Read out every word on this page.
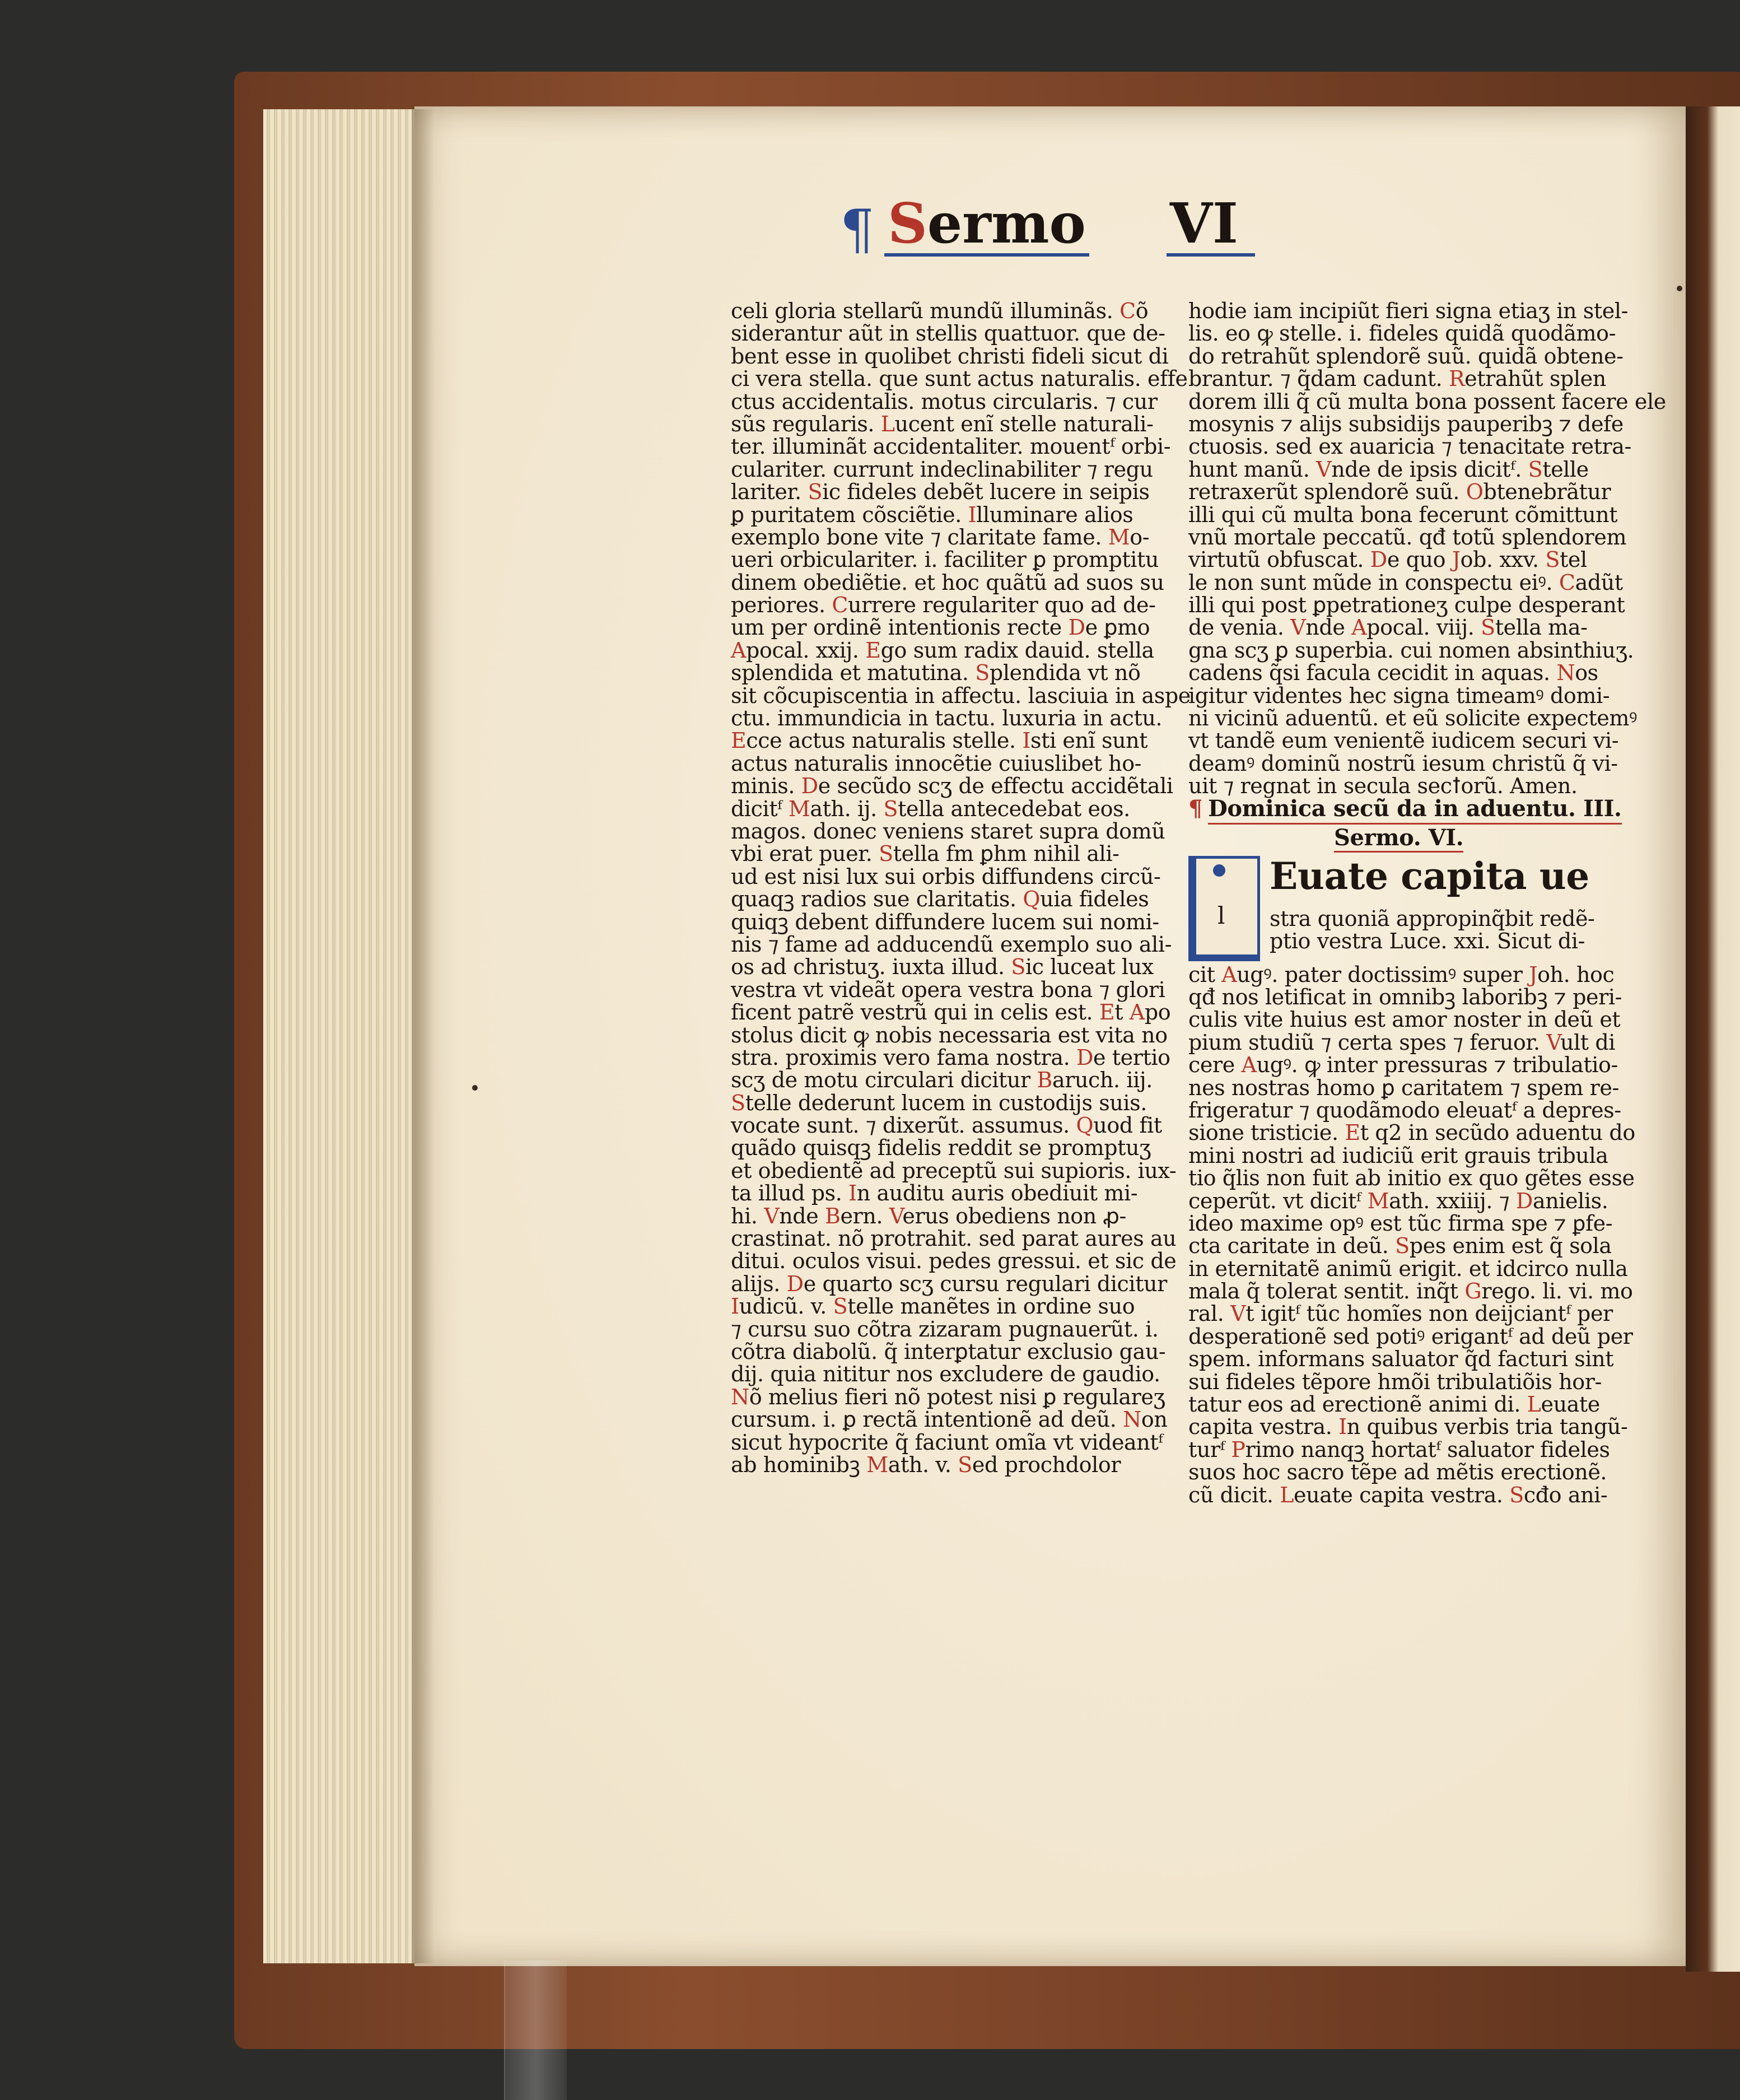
¶ Sermo VI
celi gloria stellarũ mundũ illuminãs. Cõ
siderantur aũt in stellis quattuor. que de-
bent esse in quolibet christi fideli sicut di
ci vera stella. que sunt actus naturalis. effe
ctus accidentalis. motus circularis. ⁊ cur
sũs regularis. Lucent enĩ stelle naturali-
ter. illuminãt accidentaliter. mouentᶠ orbi-
culariter. currunt indeclinabiliter ⁊ regu
lariter. Sic fideles debẽt lucere in seipis
ꝑ puritatem cõsciẽtie. Illuminare alios
exemplo bone vite ⁊ claritate fame. Mo-
ueri orbiculariter. i. faciliter ꝑ promptitu
dinem obediẽtie. et hoc quãtũ ad suos su
periores. Currere regulariter quo ad de-
um per ordinẽ intentionis recte De ꝑmo
Apocal. xxij. Ego sum radix dauid. stella
splendida et matutina. Splendida vt nõ
sit cõcupiscentia in affectu. lasciuia in aspe
ctu. immundicia in tactu. luxuria in actu.
Ecce actus naturalis stelle. Isti enĩ sunt
actus naturalis innocẽtie cuiuslibet ho-
minis. De secũdo scʒ de effectu accidẽtali
dicitᶠ Math. ij. Stella antecedebat eos.
magos. donec veniens staret supra domũ
vbi erat puer. Stella fm ꝑhm nihil ali-
ud est nisi lux sui orbis diffundens circũ-
quaqꝫ radios sue claritatis. Quia fideles
quiqꝫ debent diffundere lucem sui nomi-
nis ⁊ fame ad adducendũ exemplo suo ali-
os ad christuʒ. iuxta illud. Sic luceat lux
vestra vt videãt opera vestra bona ⁊ glori
ficent patrẽ vestrũ qui in celis est. Et Apo
stolus dicit ꝙ nobis necessaria est vita no
stra. proximis vero fama nostra. De tertio
scʒ de motu circulari dicitur Baruch. iij.
Stelle dederunt lucem in custodijs suis.
vocate sunt. ⁊ dixerũt. assumus. Quod fit
quãdo quisqꝫ fidelis reddit se promptuʒ
et obedientẽ ad preceptũ sui supioris. iux-
ta illud ps. In auditu auris obediuit mi-
hi. Vnde Bern. Verus obediens non ꝓ-
crastinat. nõ protrahit. sed parat aures au
ditui. oculos visui. pedes gressui. et sic de
alijs. De quarto scʒ cursu regulari dicitur
Iudicũ. v. Stelle manẽtes in ordine suo
⁊ cursu suo cõtra zizaram pugnauerũt. i.
cõtra diabolũ. q̃ interꝑtatur exclusio gau-
dij. quia nititur nos excludere de gaudio.
Nõ melius fieri nõ potest nisi ꝑ regulareʒ
cursum. i. ꝑ rectã intentionẽ ad deũ. Non
sicut hypocrite q̃ faciunt omĩa vt videantᶠ
ab hominibꝫ Math. v. Sed prochdolor
hodie iam incipiũt fieri signa etiaʒ in stel-
lis. eo ꝙ stelle. i. fideles quidã quodãmo-
do retrahũt splendorẽ suũ. quidã obtene-
brantur. ⁊ q̃dam cadunt. Retrahũt splen
dorem illi q̃ cũ multa bona possent facere ele
mosynis ⁊ alijs subsidijs pauperibꝫ ⁊ defe
ctuosis. sed ex auaricia ⁊ tenacitate retra-
hunt manũ. Vnde de ipsis dicitᶠ. Stelle
retraxerũt splendorẽ suũ. Obtenebrãtur
illi qui cũ multa bona fecerunt cõmittunt
vnũ mortale peccatũ. qđ totũ splendorem
virtutũ obfuscat. De quo Job. xxv. Stel
le non sunt mũde in conspectu eiꝰ. Cadũt
illi qui post ꝑpetrationeʒ culpe desperant
de venia. Vnde Apocal. viij. Stella ma-
gna scʒ ꝑ superbia. cui nomen absinthiuʒ.
cadens q̃si facula cecidit in aquas. Nos
igitur videntes hec signa timeamꝰ domi-
ni vicinũ aduentũ. et eũ solicite expectemꝰ
vt tandẽ eum venientẽ iudicem securi vi-
deamꝰ dominũ nostrũ iesum christũ q̃ vi-
uit ⁊ regnat in secula secꝉorũ. Amen.
¶ Dominica secũ da in aduentu. III.
Sermo. VI.
l
Euate capita ue
stra quoniã appropinq̃bit redẽ-
ptio vestra Luce. xxi. Sicut di-
cit Augꝰ. pater doctissimꝰ super Joh. hoc
qđ nos letificat in omnibꝫ laboribꝫ ⁊ peri-
culis vite huius est amor noster in deũ et
pium studiũ ⁊ certa spes ⁊ feruor. Vult di
cere Augꝰ. ꝙ inter pressuras ⁊ tribulatio-
nes nostras homo ꝑ caritatem ⁊ spem re-
frigeratur ⁊ quodãmodo eleuatᶠ a depres-
sione tristicie. Et q2 in secũdo aduentu do
mini nostri ad iudiciũ erit grauis tribula
tio q̃lis non fuit ab initio ex quo gẽtes esse
ceperũt. vt dicitᶠ Math. xxiiij. ⁊ Danielis.
ideo maxime opꝰ est tũc firma spe ⁊ ꝑfe-
cta caritate in deũ. Spes enim est q̃ sola
in eternitatẽ animũ erigit. et idcirco nulla
mala q̃ tolerat sentit. inq̃t Grego. li. vi. mo
ral. Vt igitᶠ tũc homĩes non deijciantᶠ per
desperationẽ sed potiꝰ erigantᶠ ad deũ per
spem. informans saluator q̃d facturi sint
sui fideles tẽpore hmõi tribulatiõis hor-
tatur eos ad erectionẽ animi di. Leuate
capita vestra. In quibus verbis tria tangũ-
turᶠ Primo nanqꝫ hortatᶠ saluator fideles
suos hoc sacro tẽpe ad mẽtis erectionẽ.
cũ dicit. Leuate capita vestra. Scđo ani-
